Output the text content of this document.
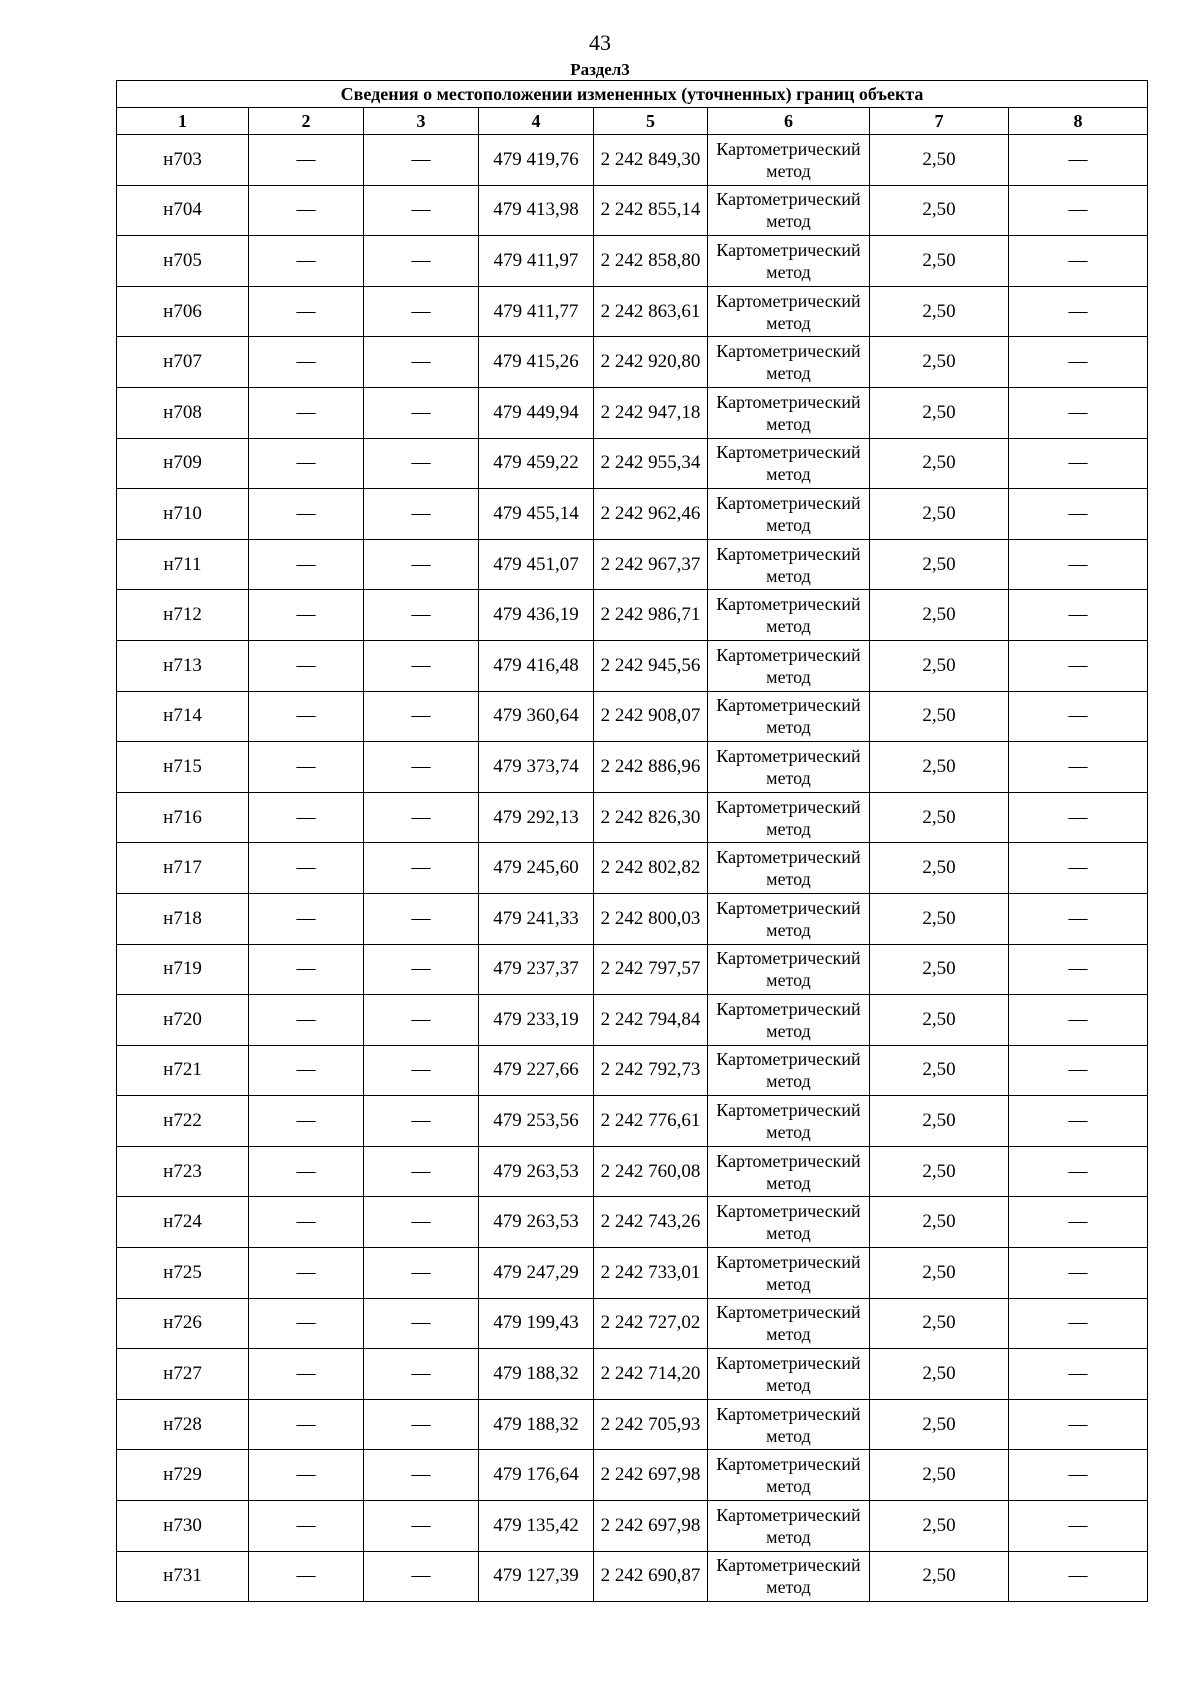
43
Раздел3
Сведения о местоположении измененных (уточненных) границ объекта							
1	2	3	4	5	6	7	8
н703	—	—	479 419,76	2 242 849,30	Картометрический метод	2,50	—
н704	—	—	479 413,98	2 242 855,14	Картометрический метод	2,50	—
н705	—	—	479 411,97	2 242 858,80	Картометрический метод	2,50	—
н706	—	—	479 411,77	2 242 863,61	Картометрический метод	2,50	—
н707	—	—	479 415,26	2 242 920,80	Картометрический метод	2,50	—
н708	—	—	479 449,94	2 242 947,18	Картометрический метод	2,50	—
н709	—	—	479 459,22	2 242 955,34	Картометрический метод	2,50	—
н710	—	—	479 455,14	2 242 962,46	Картометрический метод	2,50	—
н711	—	—	479 451,07	2 242 967,37	Картометрический метод	2,50	—
н712	—	—	479 436,19	2 242 986,71	Картометрический метод	2,50	—
н713	—	—	479 416,48	2 242 945,56	Картометрический метод	2,50	—
н714	—	—	479 360,64	2 242 908,07	Картометрический метод	2,50	—
н715	—	—	479 373,74	2 242 886,96	Картометрический метод	2,50	—
н716	—	—	479 292,13	2 242 826,30	Картометрический метод	2,50	—
н717	—	—	479 245,60	2 242 802,82	Картометрический метод	2,50	—
н718	—	—	479 241,33	2 242 800,03	Картометрический метод	2,50	—
н719	—	—	479 237,37	2 242 797,57	Картометрический метод	2,50	—
н720	—	—	479 233,19	2 242 794,84	Картометрический метод	2,50	—
н721	—	—	479 227,66	2 242 792,73	Картометрический метод	2,50	—
н722	—	—	479 253,56	2 242 776,61	Картометрический метод	2,50	—
н723	—	—	479 263,53	2 242 760,08	Картометрический метод	2,50	—
н724	—	—	479 263,53	2 242 743,26	Картометрический метод	2,50	—
н725	—	—	479 247,29	2 242 733,01	Картометрический метод	2,50	—
н726	—	—	479 199,43	2 242 727,02	Картометрический метод	2,50	—
н727	—	—	479 188,32	2 242 714,20	Картометрический метод	2,50	—
н728	—	—	479 188,32	2 242 705,93	Картометрический метод	2,50	—
н729	—	—	479 176,64	2 242 697,98	Картометрический метод	2,50	—
н730	—	—	479 135,42	2 242 697,98	Картометрический метод	2,50	—
н731	—	—	479 127,39	2 242 690,87	Картометрический метод	2,50	—
